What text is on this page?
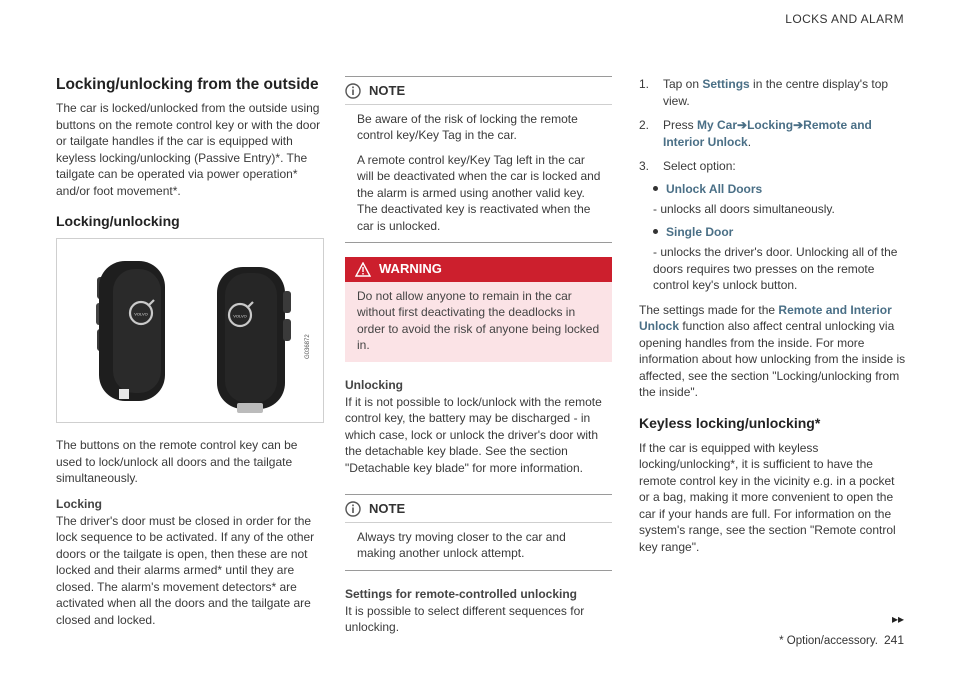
LOCKS AND ALARM
Locking/unlocking from the outside

The car is locked/unlocked from the outside using buttons on the remote control key or with the door or tailgate handles if the car is equipped with keyless locking/unlocking (Passive Entry)*. The tailgate can be operated via power operation* and/or foot movement*.

Locking/unlocking
VOLVO	VOLVO
G036872

The buttons on the remote control key can be used to lock/unlock all doors and the tailgate simultaneously.

Locking

The driver's door must be closed in order for the lock sequence to be activated. If any of the other doors or the tailgate is open, then these are not locked and their alarms armed* until they are closed. The alarm's movement detectors* are activated when all the doors and the tailgate are closed and locked.

NOTE

Be aware of the risk of locking the remote control key/Key Tag in the car.

A remote control key/Key Tag left in the car will be deactivated when the car is locked and the alarm is armed using another valid key. The deactivated key is reactivated when the car is unlocked.

WARNING

Do not allow anyone to remain in the car without first deactivating the deadlocks in order to avoid the risk of anyone being locked in.

Unlocking

If it is not possible to lock/unlock with the remote control key, the battery may be discharged - in which case, lock or unlock the driver's door with the detachable key blade. See the section "Detachable key blade" for more information.

NOTE

Always try moving closer to the car and making another unlock attempt.

Settings for remote-controlled unlocking

It is possible to select different sequences for unlocking.

1.	Tap on Settings in the centre display's top view.
2.	Press My Car➔Locking➔Remote and Interior Unlock.
3.	Select option:
Unlock All Doors

- unlocks all doors simultaneously.

Single Door

- unlocks the driver's door. Unlocking all of the doors requires two presses on the remote control key's unlock button.

The settings made for the Remote and Interior Unlock function also affect central unlocking via opening handles from the inside. For more information about how unlocking from the inside is affected, see the section "Locking/unlocking from the inside".

Keyless locking/unlocking*

If the car is equipped with keyless locking/unlocking*, it is sufficient to have the remote control key in the vicinity e.g. in a pocket or a bag, making it more convenient to open the car if your hands are full. For information on the system's range, see the section "Remote control key range".

▸▸
* Option/accessory. 241
